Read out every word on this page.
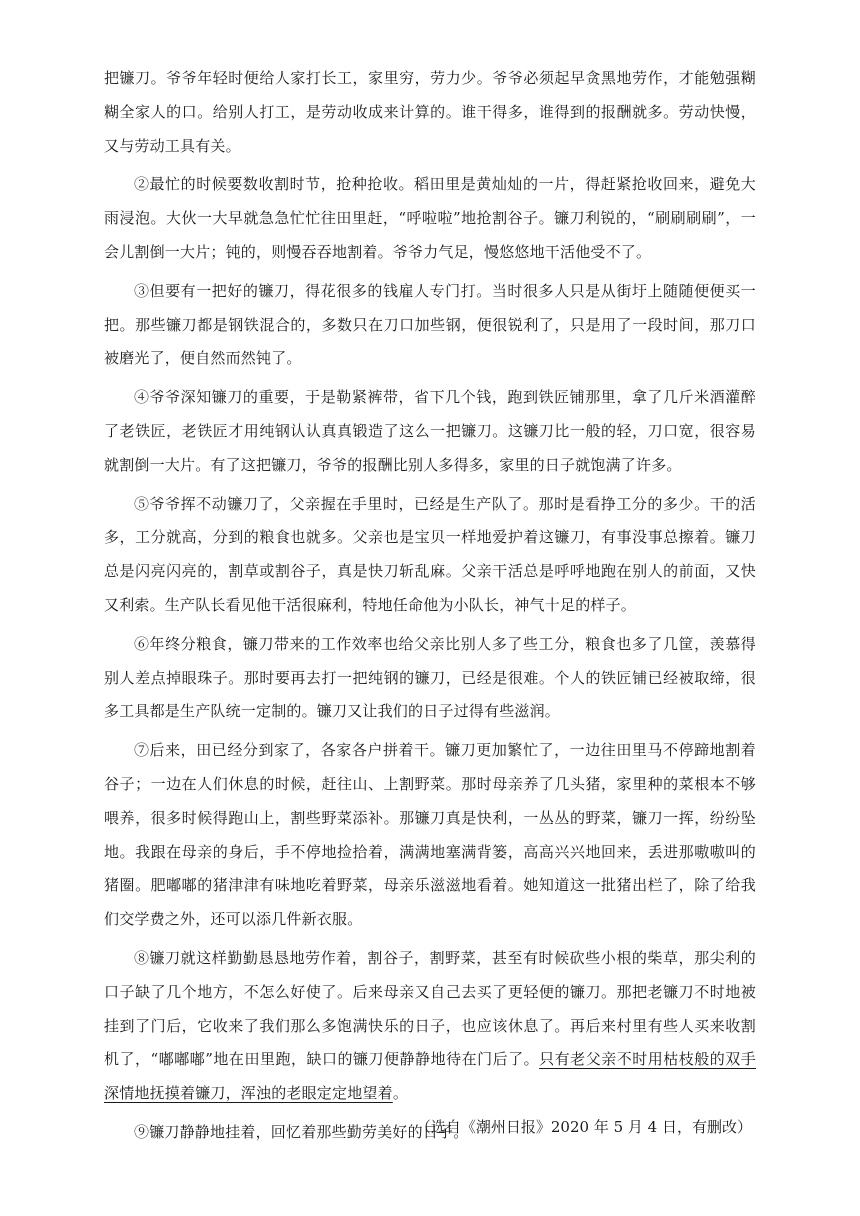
把镰刀。爷爷年轻时便给人家打长工，家里穷，劳力少。爷爷必须起早贪黑地劳作，才能勉强糊糊全家人的口。给别人打工，是劳动收成来计算的。谁干得多，谁得到的报酬就多。劳动快慢，又与劳动工具有关。

②最忙的时候要数收割时节，抢种抢收。稻田里是黄灿灿的一片，得赶紧抢收回来，避免大雨浸泡。大伙一大早就急急忙忙往田里赶，“呼啦啦”地抢割谷子。镰刀利锐的，“刷刷刷刷”，一会儿割倒一大片；钝的，则慢吞吞地割着。爷爷力气足，慢悠悠地干活他受不了。

③但要有一把好的镰刀，得花很多的钱雇人专门打。当时很多人只是从街圩上随随便便买一把。那些镰刀都是钢铁混合的，多数只在刀口加些钢，便很锐利了，只是用了一段时间，那刀口被磨光了，便自然而然钝了。

④爷爷深知镰刀的重要，于是勒紧裤带，省下几个钱，跑到铁匠铺那里，拿了几斤米酒灌醉了老铁匠，老铁匠才用纯钢认认真真锻造了这么一把镰刀。这镰刀比一般的轻，刀口宽，很容易就割倒一大片。有了这把镰刀，爷爷的报酬比别人多得多，家里的日子就饱满了许多。

⑤爷爷挥不动镰刀了，父亲握在手里时，已经是生产队了。那时是看挣工分的多少。干的活多，工分就高，分到的粮食也就多。父亲也是宝贝一样地爱护着这镰刀，有事没事总擦着。镰刀总是闪亮闪亮的，割草或割谷子，真是快刀斩乱麻。父亲干活总是呼呼地跑在别人的前面，又快又利索。生产队长看见他干活很麻利，特地任命他为小队长，神气十足的样子。

⑥年终分粮食，镰刀带来的工作效率也给父亲比别人多了些工分，粮食也多了几筐，羡慕得别人差点掉眼珠子。那时要再去打一把纯钢的镰刀，已经是很难。个人的铁匠铺已经被取缔，很多工具都是生产队统一定制的。镰刀又让我们的日子过得有些滋润。

⑦后来，田已经分到家了，各家各户拼着干。镰刀更加繁忙了，一边往田里马不停蹄地割着谷子；一边在人们休息的时候，赶往山、上割野菜。那时母亲养了几头猪，家里种的菜根本不够喂养，很多时候得跑山上，割些野菜添补。那镰刀真是快利，一丛丛的野菜，镰刀一挥，纷纷坠地。我跟在母亲的身后，手不停地捡拾着，满满地塞满背篓，高高兴兴地回来，丢进那嗷嗷叫的猪圈。肥嘟嘟的猪津津有味地吃着野菜，母亲乐滋滋地看着。她知道这一批猪出栏了，除了给我们交学费之外，还可以添几件新衣服。

⑧镰刀就这样勤勤恳恳地劳作着，割谷子，割野菜，甚至有时候砍些小根的柴草，那尖利的口子缺了几个地方，不怎么好使了。后来母亲又自己去买了更轻便的镰刀。那把老镰刀不时地被挂到了门后，它收来了我们那么多饱满快乐的日子，也应该休息了。再后来村里有些人买来收割机了，“嘟嘟嘟”地在田里跑，缺口的镰刀便静静地待在门后了。只有老父亲不时用枯枝般的双手深情地抚摸着镰刀，浑浊的老眼定定地望着。

⑨镰刀静静地挂着，回忆着那些勤劳美好的日子。

（选自《潮州日报》2020 年 5 月 4 日，有删改）
